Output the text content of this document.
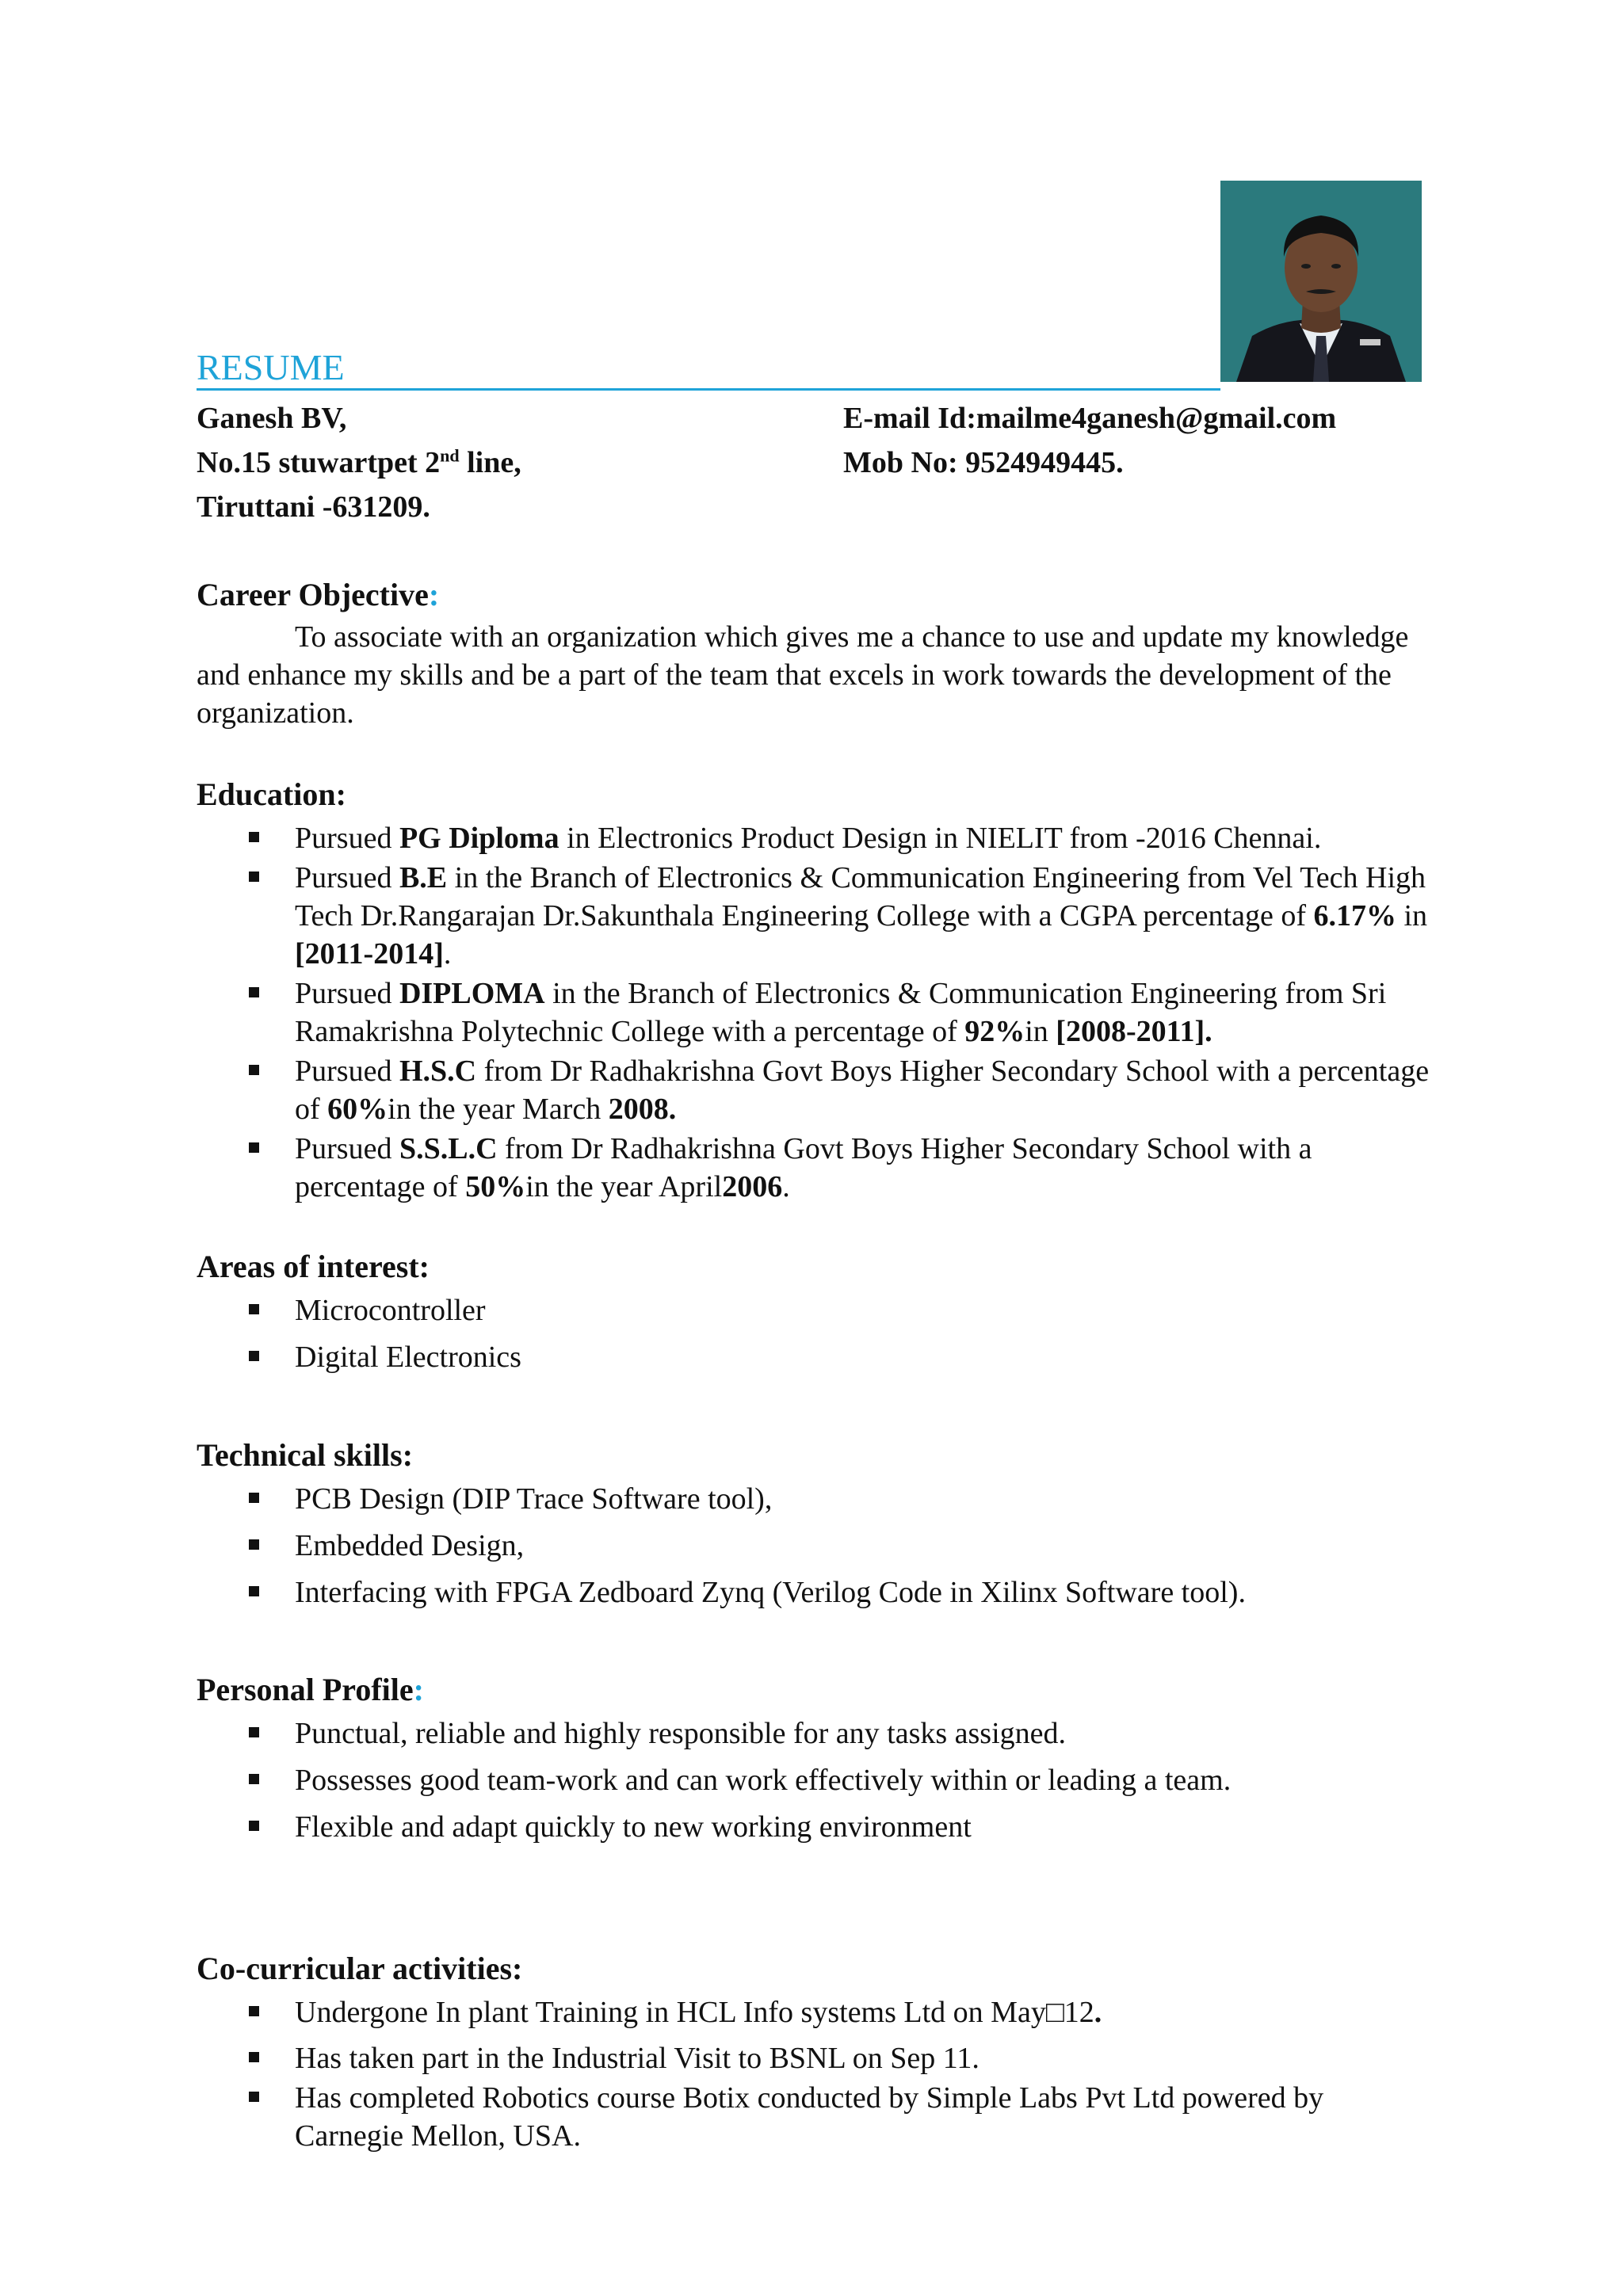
RESUME
Ganesh BV,
No.15 stuwartpet 2nd line,
Tiruttani -631209.
E-mail Id:mailme4ganesh@gmail.com
Mob No: 9524949445.
Career Objective:

To associate with an organization which gives me a chance to use and update my knowledge and enhance my skills and be a part of the team that excels in work towards the development of the organization.

Education:
Pursued PG Diploma in Electronics Product Design in NIELIT from -2016 Chennai.
Pursued B.E in the Branch of Electronics & Communication Engineering from Vel Tech High Tech Dr.Rangarajan Dr.Sakunthala Engineering College with a CGPA percentage of 6.17% in [2011-2014].
Pursued DIPLOMA in the Branch of Electronics & Communication Engineering from Sri Ramakrishna Polytechnic College with a percentage of 92%in [2008-2011].
Pursued H.S.C from Dr Radhakrishna Govt Boys Higher Secondary School with a percentage of 60%in the year March 2008.
Pursued S.S.L.C from Dr Radhakrishna Govt Boys Higher Secondary School with a percentage of 50%in the year April2006.
Areas of interest:
Microcontroller
Digital Electronics
Technical skills:
PCB Design (DIP Trace Software tool),
Embedded Design,
Interfacing with FPGA Zedboard Zynq (Verilog Code in Xilinx Software tool).
Personal Profile:
Punctual, reliable and highly responsible for any tasks assigned.
Possesses good team-work and can work effectively within or leading a team.
Flexible and adapt quickly to new working environment
Co-curricular activities:
Undergone In plant Training in HCL Info systems Ltd on May□12.
Has taken part in the Industrial Visit to BSNL on Sep 11.
Has completed Robotics course Botix conducted by Simple Labs Pvt Ltd powered by Carnegie Mellon, USA.
